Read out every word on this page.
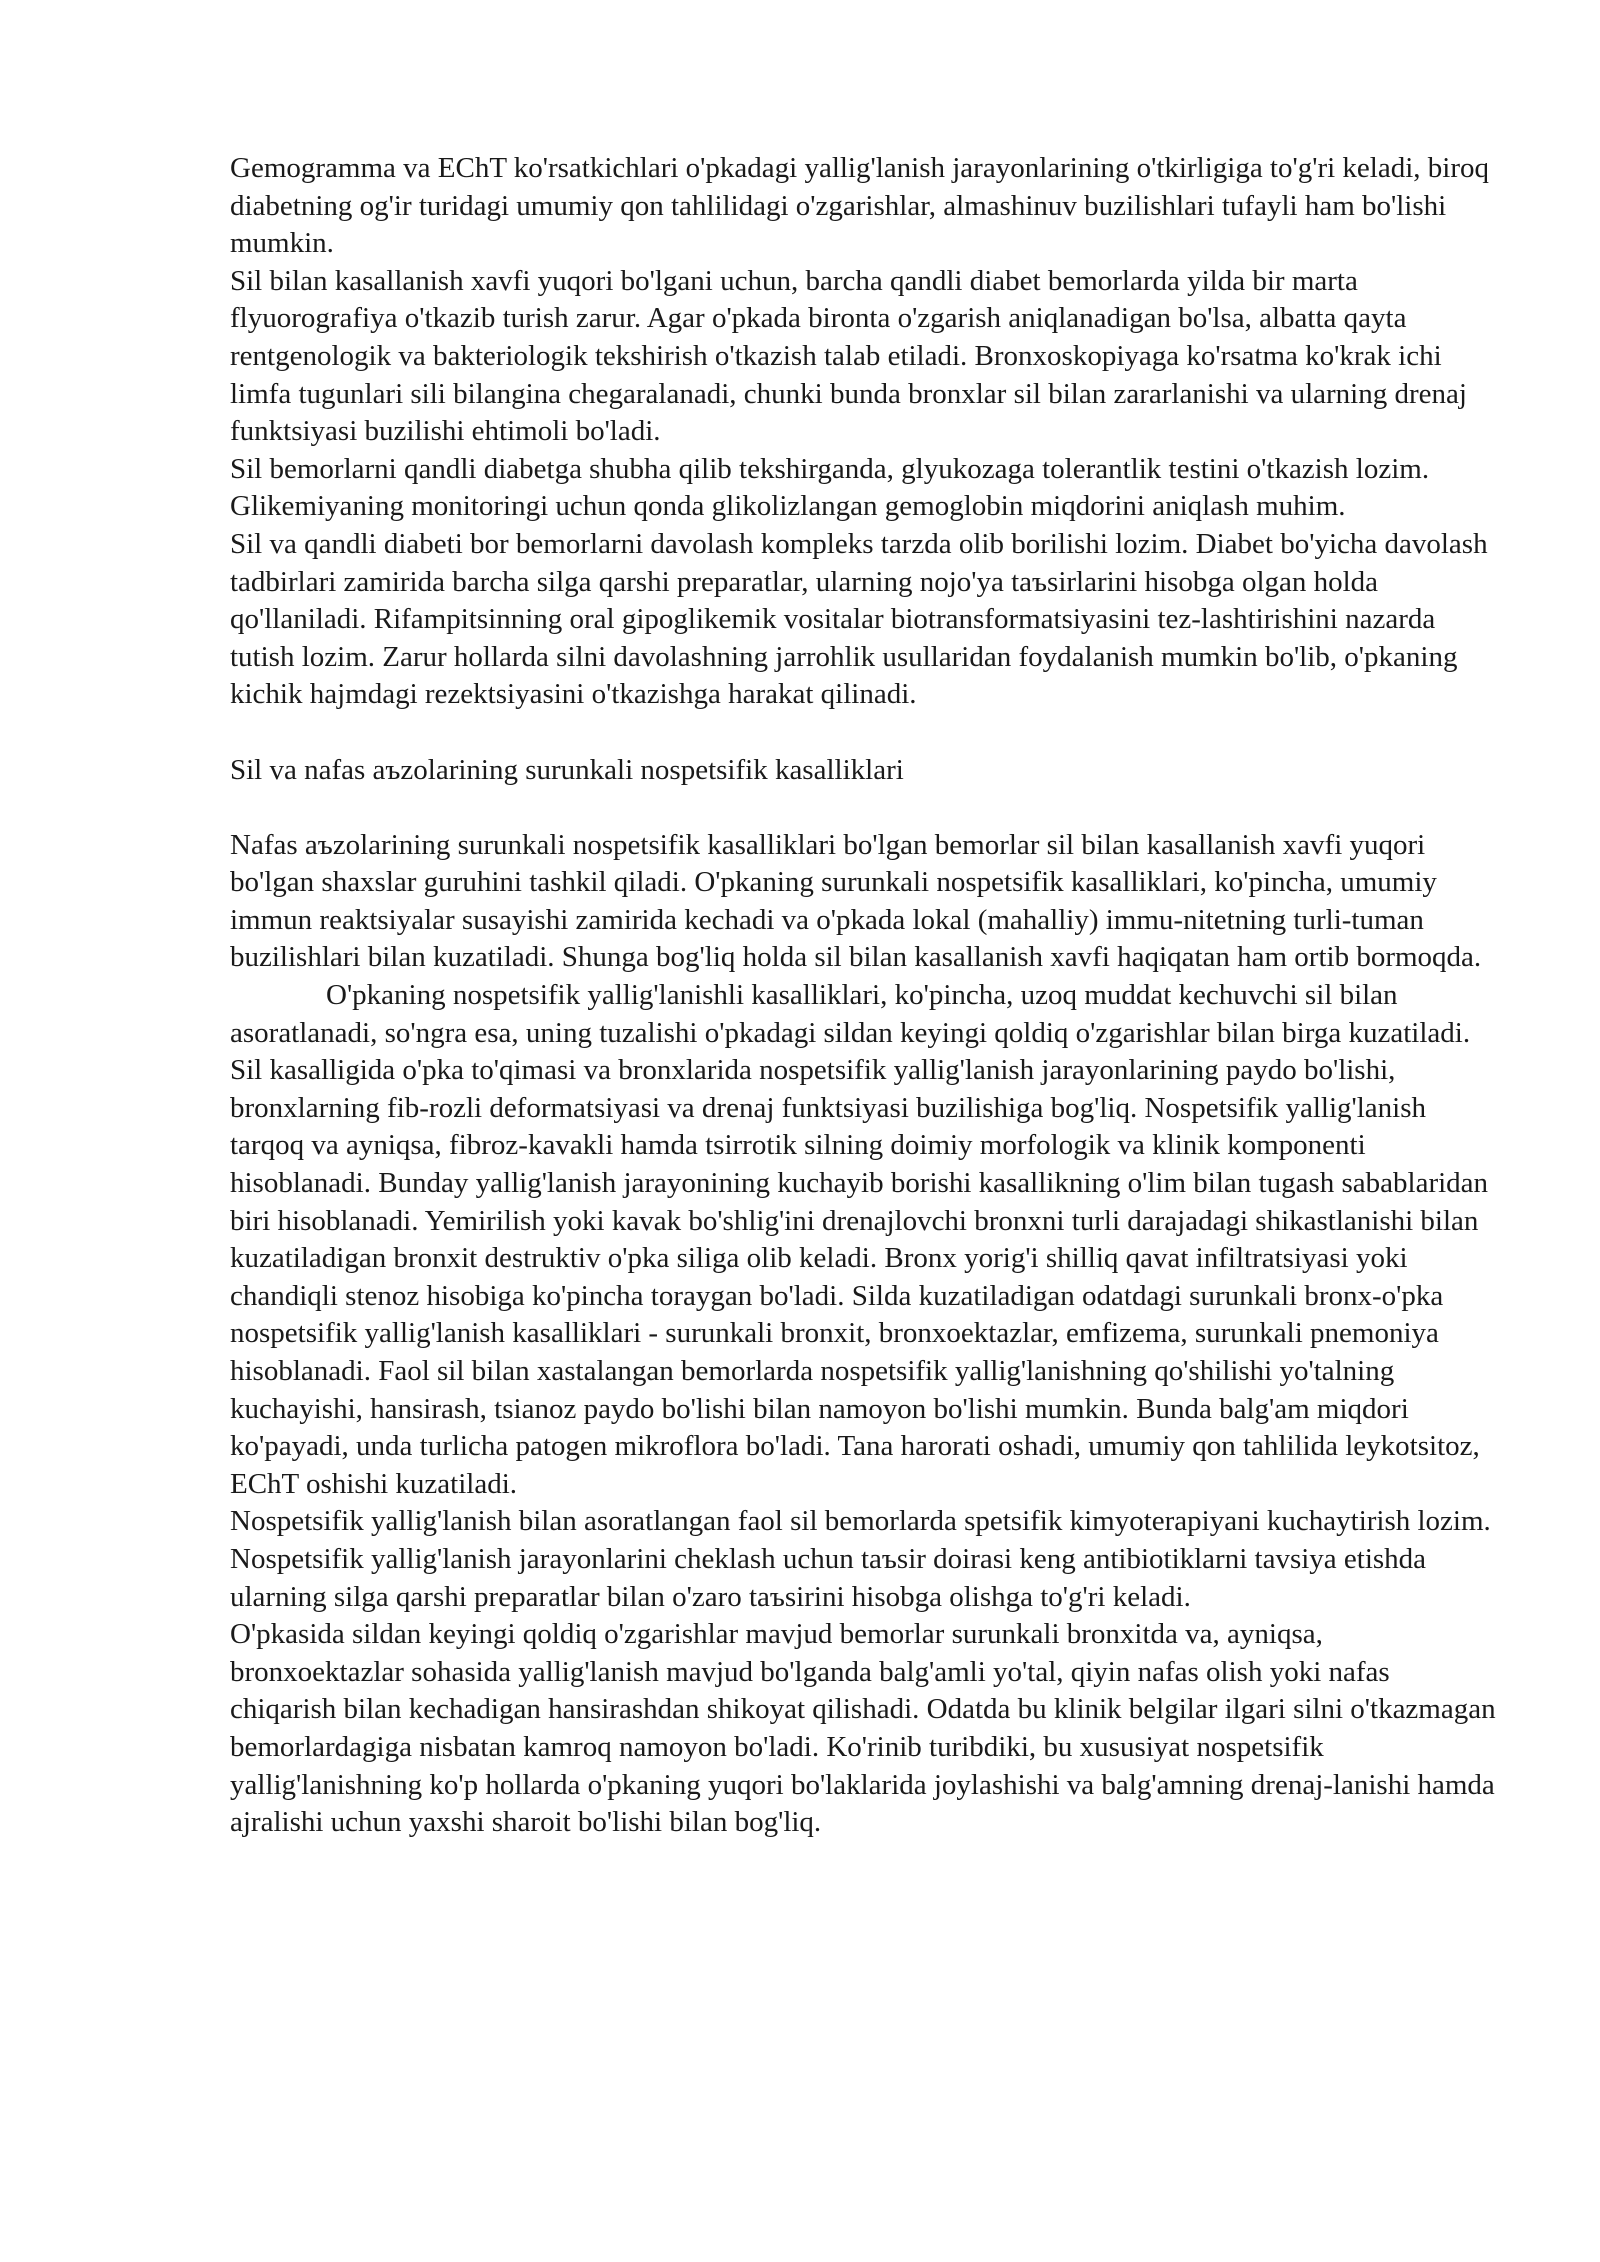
Gemogramma va EChT ko'rsatkichlari o'pkadagi yallig'lanish jarayonlarining o'tkirligiga to'g'ri keladi, biroq diabetning og'ir turidagi umumiy qon tahlilidagi o'zgarishlar, almashinuv buzilishlari tufayli ham bo'lishi mumkin.

Sil bilan kasallanish xavfi yuqori bo'lgani uchun, barcha qandli diabet bemorlarda yilda bir marta flyuorografiya o'tkazib turish zarur. Agar o'pkada bironta o'zgarish aniqlanadigan bo'lsa, albatta qayta rentgenologik va bakteriologik tekshirish o'tkazish talab etiladi. Bronxoskopiyaga ko'rsatma ko'krak ichi limfa tugunlari sili bilangina chegaralanadi, chunki bunda bronxlar sil bilan zararlanishi va ularning drenaj funktsiyasi buzilishi ehtimoli bo'ladi.

Sil bemorlarni qandli diabetga shubha qilib tekshirganda, glyukozaga tolerantlik testini o'tkazish lozim. Glikemiyaning monitoringi uchun qonda glikolizlangan gemoglobin miqdorini aniqlash muhim.

Sil va qandli diabeti bor bemorlarni davolash kompleks tarzda olib borilishi lozim. Diabet bo'yicha davolash tadbirlari zamirida barcha silga qarshi preparatlar, ularning nojo'ya taъsirlarini hisobga olgan holda qo'llaniladi. Rifampitsinning oral gipoglikemik vositalar biotransformatsiyasini tez-lashtirishini nazarda tutish lozim. Zarur hollarda silni davolashning jarrohlik usullaridan foydalanish mumkin bo'lib, o'pkaning kichik hajmdagi rezektsiyasini o'tkazishga harakat qilinadi.

Sil va nafas aъzolarining surunkali nospetsifik kasalliklari

Nafas aъzolarining surunkali nospetsifik kasalliklari bo'lgan bemorlar sil bilan kasallanish xavfi yuqori bo'lgan shaxslar guruhini tashkil qiladi. O'pkaning surunkali nospetsifik kasalliklari, ko'pincha, umumiy immun reaktsiyalar susayishi zamirida kechadi va o'pkada lokal (mahalliy) immu-nitetning turli-tuman buzilishlari bilan kuzatiladi. Shunga bog'liq holda sil bilan kasallanish xavfi haqiqatan ham ortib bormoqda.

O'pkaning nospetsifik yallig'lanishli kasalliklari, ko'pincha, uzoq muddat kechuvchi sil bilan asoratlanadi, so'ngra esa, uning tuzalishi o'pkadagi sildan keyingi qoldiq o'zgarishlar bilan birga kuzatiladi.

Sil kasalligida o'pka to'qimasi va bronxlarida nospetsifik yallig'lanish jarayonlarining paydo bo'lishi, bronxlarning fib-rozli deformatsiyasi va drenaj funktsiyasi buzilishiga bog'liq. Nospetsifik yallig'lanish tarqoq va ayniqsa, fibroz-kavakli hamda tsirrotik silning doimiy morfologik va klinik komponenti hisoblanadi. Bunday yallig'lanish jarayonining kuchayib borishi kasallikning o'lim bilan tugash sabablaridan biri hisoblanadi. Yemirilish yoki kavak bo'shlig'ini drenajlovchi bronxni turli darajadagi shikastlanishi bilan kuzatiladigan bronxit destruktiv o'pka siliga olib keladi. Bronx yorig'i shilliq qavat infiltratsiyasi yoki chandiqli stenoz hisobiga ko'pincha toraygan bo'ladi. Silda kuzatiladigan odatdagi surunkali bronx-o'pka nospetsifik yallig'lanish kasalliklari - surunkali bronxit, bronxoektazlar, emfizema, surunkali pnemoniya hisoblanadi. Faol sil bilan xastalangan bemorlarda nospetsifik yallig'lanishning qo'shilishi yo'talning kuchayishi, hansirash, tsianoz paydo bo'lishi bilan namoyon bo'lishi mumkin. Bunda balg'am miqdori ko'payadi, unda turlicha patogen mikroflora bo'ladi. Tana harorati oshadi, umumiy qon tahlilida leykotsitoz, EChT oshishi kuzatiladi.

Nospetsifik yallig'lanish bilan asoratlangan faol sil bemorlarda spetsifik kimyoterapiyani kuchaytirish lozim. Nospetsifik yallig'lanish jarayonlarini cheklash uchun taъsir doirasi keng antibiotiklarni tavsiya etishda ularning silga qarshi preparatlar bilan o'zaro taъsirini hisobga olishga to'g'ri keladi.

O'pkasida sildan keyingi qoldiq o'zgarishlar mavjud bemorlar surunkali bronxitda va, ayniqsa, bronxoektazlar sohasida yallig'lanish mavjud bo'lganda balg'amli yo'tal, qiyin nafas olish yoki nafas chiqarish bilan kechadigan hansirashdan shikoyat qilishadi. Odatda bu klinik belgilar ilgari silni o'tkazmagan bemorlardagiga nisbatan kamroq namoyon bo'ladi. Ko'rinib turibdiki, bu xususiyat nospetsifik yallig'lanishning ko'p hollarda o'pkaning yuqori bo'laklarida joylashishi va balg'amning drenaj-lanishi hamda ajralishi uchun yaxshi sharoit bo'lishi bilan bog'liq.
